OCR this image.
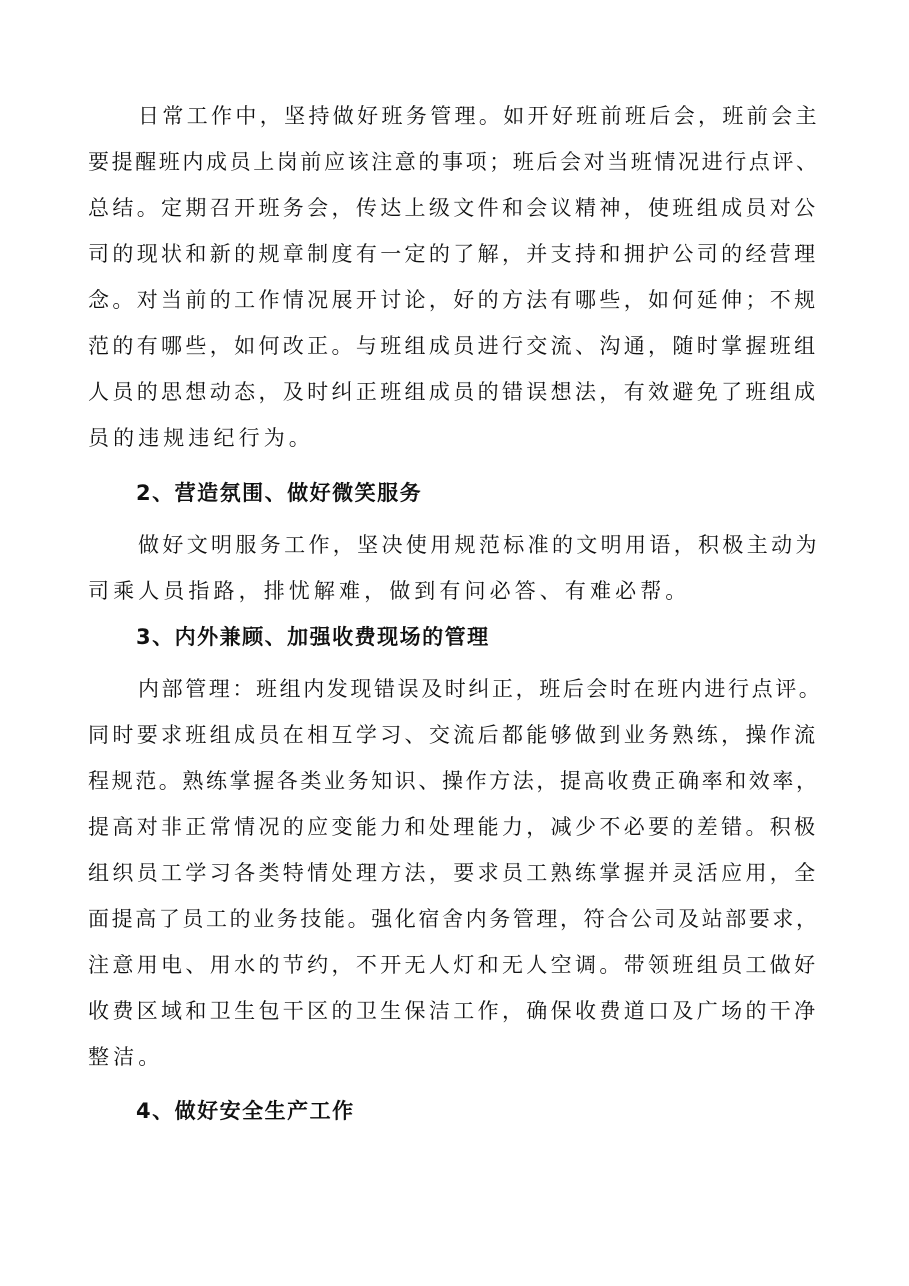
日常工作中，坚持做好班务管理。如开好班前班后会，班前会主
要提醒班内成员上岗前应该注意的事项；班后会对当班情况进行点评、
总结。定期召开班务会，传达上级文件和会议精神，使班组成员对公
司的现状和新的规章制度有一定的了解，并支持和拥护公司的经营理
念。对当前的工作情况展开讨论，好的方法有哪些，如何延伸；不规
范的有哪些，如何改正。与班组成员进行交流、沟通，随时掌握班组
人员的思想动态，及时纠正班组成员的错误想法，有效避免了班组成
员的违规违纪行为。
2、营造氛围、做好微笑服务
做好文明服务工作，坚决使用规范标准的文明用语，积极主动为
司乘人员指路，排忧解难，做到有问必答、有难必帮。
3、内外兼顾、加强收费现场的管理
内部管理：班组内发现错误及时纠正，班后会时在班内进行点评。
同时要求班组成员在相互学习、交流后都能够做到业务熟练，操作流
程规范。熟练掌握各类业务知识、操作方法，提高收费正确率和效率，
提高对非正常情况的应变能力和处理能力，减少不必要的差错。积极
组织员工学习各类特情处理方法，要求员工熟练掌握并灵活应用，全
面提高了员工的业务技能。强化宿舍内务管理，符合公司及站部要求，
注意用电、用水的节约，不开无人灯和无人空调。带领班组员工做好
收费区域和卫生包干区的卫生保洁工作，确保收费道口及广场的干净
整洁。
4、做好安全生产工作
